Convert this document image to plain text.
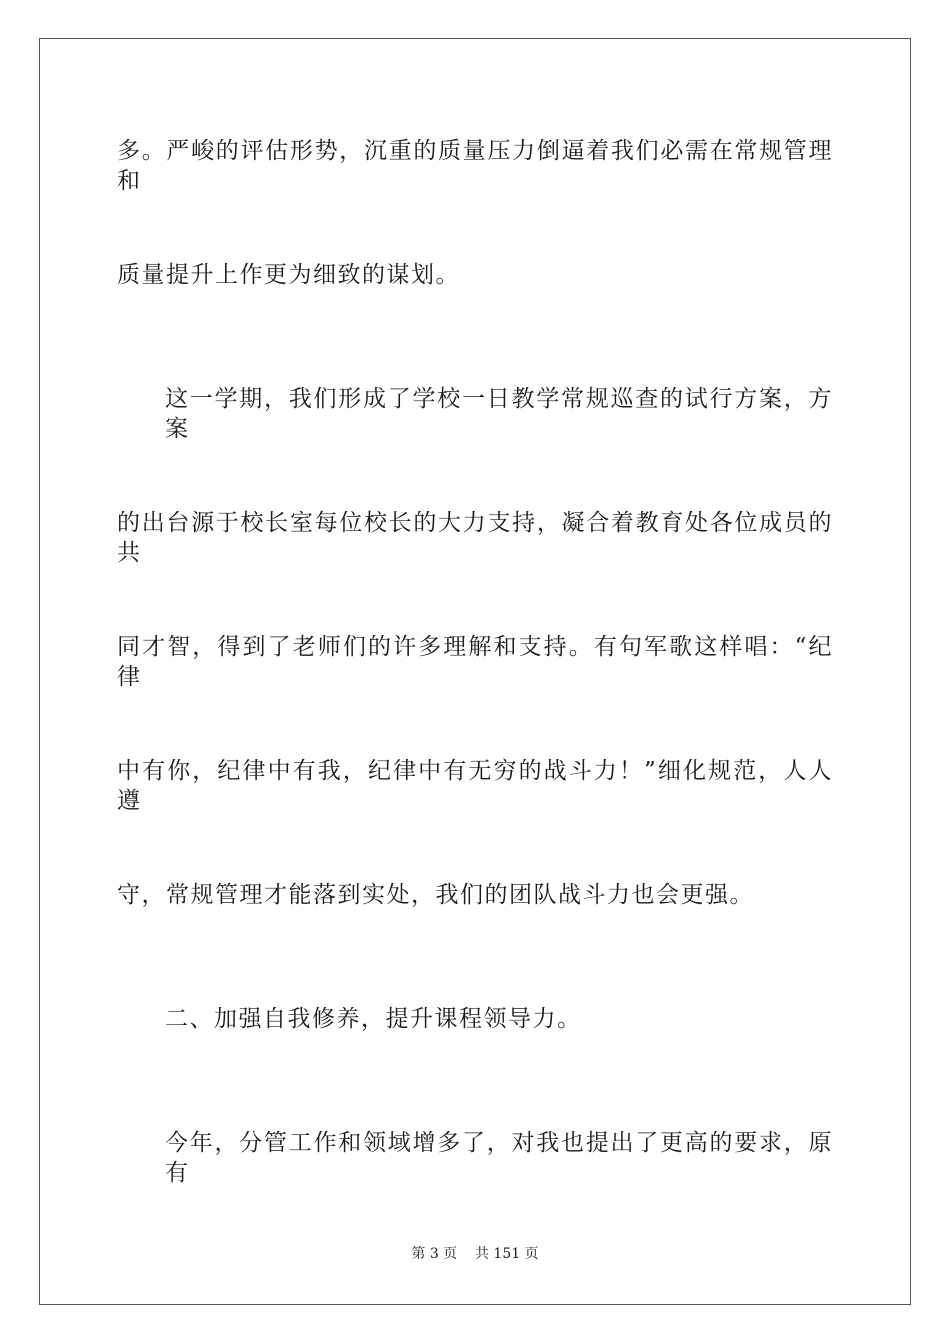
多。严峻的评估形势，沉重的质量压力倒逼着我们必需在常规管理和
质量提升上作更为细致的谋划。
这一学期，我们形成了学校一日教学常规巡查的试行方案，方案
的出台源于校长室每位校长的大力支持，凝合着教育处各位成员的共
同才智，得到了老师们的许多理解和支持。有句军歌这样唱：“纪律
中有你，纪律中有我，纪律中有无穷的战斗力！”细化规范，人人遵
守，常规管理才能落到实处，我们的团队战斗力也会更强。
二、加强自我修养，提升课程领导力。
今年，分管工作和领域增多了，对我也提出了更高的要求，原有
第 3 页    共 151 页
